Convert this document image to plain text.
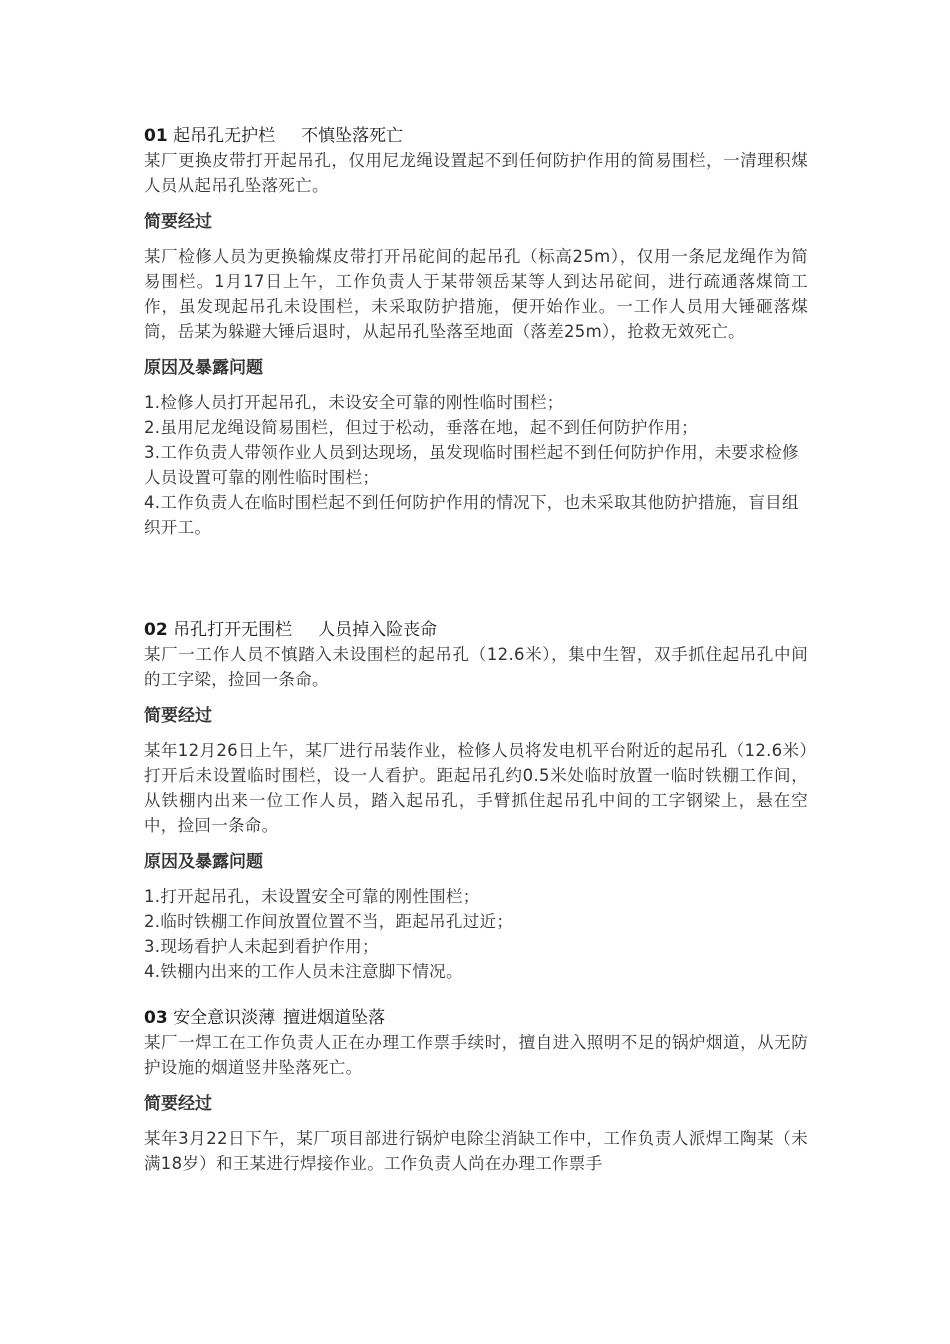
01 起吊孔无护栏 不慎坠落死亡

某厂更换皮带打开起吊孔，仅用尼龙绳设置起不到任何防护作用的简易围栏，一清理积煤人员从起吊孔坠落死亡。

简要经过

某厂检修人员为更换输煤皮带打开吊砣间的起吊孔（标高25m），仅用一条尼龙绳作为简易围栏。1月17日上午，工作负责人于某带领岳某等人到达吊砣间，进行疏通落煤筒工作，虽发现起吊孔未设围栏，未采取防护措施，便开始作业。一工作人员用大锤砸落煤筒，岳某为躲避大锤后退时，从起吊孔坠落至地面（落差25m），抢救无效死亡。

原因及暴露问题

1.检修人员打开起吊孔，未设安全可靠的刚性临时围栏；
2.虽用尼龙绳设简易围栏，但过于松动，垂落在地，起不到任何防护作用；
3.工作负责人带领作业人员到达现场，虽发现临时围栏起不到任何防护作用，未要求检修人员设置可靠的刚性临时围栏；
4.工作负责人在临时围栏起不到任何防护作用的情况下，也未采取其他防护措施，盲目组织开工。

02 吊孔打开无围栏 人员掉入险丧命

某厂一工作人员不慎踏入未设围栏的起吊孔（12.6米），集中生智，双手抓住起吊孔中间的工字梁，捡回一条命。

简要经过

某年12月26日上午，某厂进行吊装作业，检修人员将发电机平台附近的起吊孔（12.6米）打开后未设置临时围栏，设一人看护。距起吊孔约0.5米处临时放置一临时铁棚工作间，从铁棚内出来一位工作人员，踏入起吊孔，手臂抓住起吊孔中间的工字钢梁上，悬在空中，捡回一条命。

原因及暴露问题

1.打开起吊孔，未设置安全可靠的刚性围栏；
2.临时铁棚工作间放置位置不当，距起吊孔过近；
3.现场看护人未起到看护作用；
4.铁棚内出来的工作人员未注意脚下情况。

03 安全意识淡薄 擅进烟道坠落

某厂一焊工在工作负责人正在办理工作票手续时，擅自进入照明不足的锅炉烟道，从无防护设施的烟道竖井坠落死亡。

简要经过

某年3月22日下午，某厂项目部进行锅炉电除尘消缺工作中，工作负责人派焊工陶某（未满18岁）和王某进行焊接作业。工作负责人尚在办理工作票手
